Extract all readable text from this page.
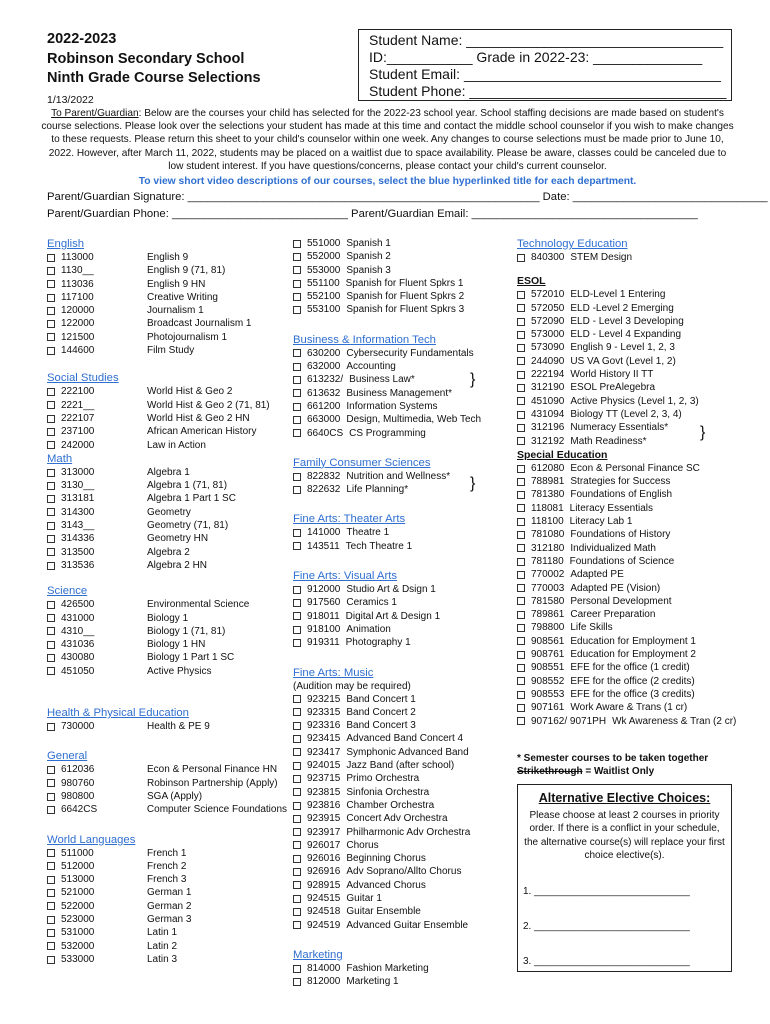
2022-2023
Robinson Secondary School
Ninth Grade Course Selections
1/13/2022
Student Name: _________________________________
ID:___________ Grade in 2022-23: ______________
Student Email: _________________________________
Student Phone: _________________________________
To Parent/Guardian: Below are the courses your child has selected for the 2022-23 school year. School staffing decisions are made based on student's course selections. Please look over the selections your student has made at this time and contact the middle school counselor if you wish to make changes to these requests. Please return this sheet to your child's counselor within one week. Any changes to course selections must be made prior to June 10, 2022. However, after March 11, 2022, students may be placed on a waitlist due to space availability. Please be aware, classes could be canceled due to low student interest. If you have questions/concerns, please contact your child's current counselor.
To view short video descriptions of our courses, select the blue hyperlinked title for each department.
Parent/Guardian Signature: ________________________________________________________ Date: _______________________________
Parent/Guardian Phone: ____________________________ Parent/Guardian Email: ____________________________________
English
113000	English 9
1130__	English 9 (71, 81)
113036	English 9 HN
117100	Creative Writing
120000	Journalism 1
122000	Broadcast Journalism 1
121500	Photojournalism 1
144600	Film Study
Social Studies
222100	World Hist & Geo 2
2221__	World Hist & Geo 2 (71, 81)
222107	World Hist & Geo 2 HN
237100	African American History
242000	Law in Action
Math
313000	Algebra 1
3130__	Algebra 1 (71, 81)
313181	Algebra 1 Part 1 SC
314300	Geometry
3143__	Geometry (71, 81)
314336	Geometry HN
313500	Algebra 2
313536	Algebra 2 HN
Science
426500	Environmental Science
431000	Biology 1
4310__	Biology 1 (71, 81)
431036	Biology 1 HN
430080	Biology 1 Part 1 SC
451050	Active Physics
Health & Physical Education
730000	Health & PE 9
General
612036	Econ & Personal Finance HN
980760	Robinson Partnership (Apply)
980800	SGA (Apply)
6642CS	Computer Science Foundations
World Languages
511000	French 1
512000	French 2
513000	French 3
521000	German 1
522000	German 2
523000	German 3
531000	Latin 1
532000	Latin 2
533000	Latin 3
551000 Spanish 1
552000 Spanish 2
553000 Spanish 3
551100 Spanish for Fluent Spkrs 1
552100 Spanish for Fluent Spkrs 2
553100 Spanish for Fluent Spkrs 3
Business & Information Tech
630200 Cybersecurity Fundamentals
632000 Accounting
613232/ Business Law*
613632 Business Management*
661200 Information Systems
663000 Design, Multimedia, Web Tech
6640CS CS Programming
Family Consumer Sciences
822832 Nutrition and Wellness*
822632 Life Planning*
Fine Arts: Theater Arts
141000 Theatre 1
143511 Tech Theatre 1
Fine Arts: Visual Arts
912000 Studio Art & Dsign 1
917560 Ceramics 1
918011 Digital Art & Design 1
918100 Animation
919311 Photography 1
Fine Arts: Music
(Audition may be required)
923215 Band Concert 1
923315 Band Concert 2
923316 Band Concert 3
923415 Advanced Band Concert 4
923417 Symphonic Advanced Band
924015 Jazz Band (after school)
923715 Primo Orchestra
923815 Sinfonia Orchestra
923816 Chamber Orchestra
923915 Concert Adv Orchestra
923917 Philharmonic Adv Orchestra
926017 Chorus
926016 Beginning Chorus
926916 Adv Soprano/Allto Chorus
928915 Advanced Chorus
924515 Guitar 1
924518 Guitar Ensemble
924519 Advanced Guitar Ensemble
Marketing
814000 Fashion Marketing
812000 Marketing 1
Technology Education
840300 STEM Design
ESOL
572010 ELD-Level 1 Entering
572050 ELD -Level 2 Emerging
572090 ELD - Level 3 Developing
573000 ELD - Level 4 Expanding
573090 English 9 - Level 1, 2, 3
244090 US VA Govt (Level 1, 2)
222194 World History II TT
312190 ESOL PreAlegebra
451090 Active Physics (Level 1, 2, 3)
431094 Biology TT (Level 2, 3, 4)
312196 Numeracy Essentials*
312192 Math Readiness*
Special Education
612080 Econ & Personal Finance SC
788981 Strategies for Success
781380 Foundations of English
118081 Literacy Essentials
118100 Literacy Lab 1
781080 Foundations of History
312180 Individualized Math
781180 Foundations of Science
770002 Adapted PE
770003 Adapted PE (Vision)
781580 Personal Development
789861 Career Preparation
798800 Life Skills
908561 Education for Employment 1
908761 Education for Employment 2
908551 EFE for the office (1 credit)
908552 EFE for the office (2 credits)
908553 EFE for the office (3 credits)
907161 Work Aware & Trans (1 cr)
907162/ 9071PH Wk Awareness & Tran (2 cr)
}
}
}
* Semester courses to be taken together
Strikethrough = Waitlist Only
Alternative Elective Choices:
Please choose at least 2 courses in priority order. If there is a conflict in your schedule, the alternative course(s) will replace your first choice elective(s).
1. ____________________________
2. ____________________________
3. ____________________________
